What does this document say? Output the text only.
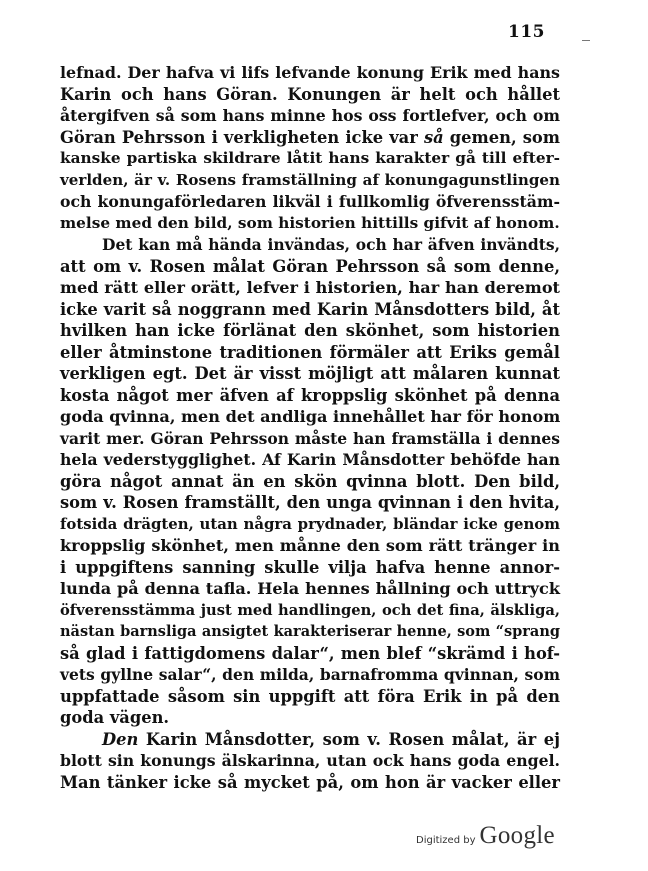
115
lefnad. Der hafva vi lifs lefvande konung Erik med hans
Karin och hans Göran. Konungen är helt och hållet
återgifven så som hans minne hos oss fortlefver, och om
Göran Pehrsson i verkligheten icke var så gemen, som
kanske partiska skildrare låtit hans karakter gå till efter-
verlden, är v. Rosens framställning af konungagunstlingen
och konungaförledaren likväl i fullkomlig öfverensstäm-
melse med den bild, som historien hittills gifvit af honom.
Det kan må hända invändas, och har äfven invändts,
att om v. Rosen målat Göran Pehrsson så som denne,
med rätt eller orätt, lefver i historien, har han deremot
icke varit så noggrann med Karin Månsdotters bild, åt
hvilken han icke förlänat den skönhet, som historien
eller åtminstone traditionen förmäler att Eriks gemål
verkligen egt. Det är visst möjligt att målaren kunnat
kosta något mer äfven af kroppslig skönhet på denna
goda qvinna, men det andliga innehållet har för honom
varit mer. Göran Pehrsson måste han framställa i dennes
hela vederstygglighet. Af Karin Månsdotter behöfde han
göra något annat än en skön qvinna blott. Den bild,
som v. Rosen framställt, den unga qvinnan i den hvita,
fotsida drägten, utan några prydnader, bländar icke genom
kroppslig skönhet, men månne den som rätt tränger in
i uppgiftens sanning skulle vilja hafva henne annor-
lunda på denna tafla. Hela hennes hållning och uttryck
öfverensstämma just med handlingen, och det fina, älskliga,
nästan barnsliga ansigtet karakteriserar henne, som “sprang
så glad i fattigdomens dalar“, men blef “skrämd i hof-
vets gyllne salar“, den milda, barnafromma qvinnan, som
uppfattade såsom sin uppgift att föra Erik in på den
goda vägen.
Den Karin Månsdotter, som v. Rosen målat, är ej
blott sin konungs älskarinna, utan ock hans goda engel.
Man tänker icke så mycket på, om hon är vacker eller
Digitized by Google
